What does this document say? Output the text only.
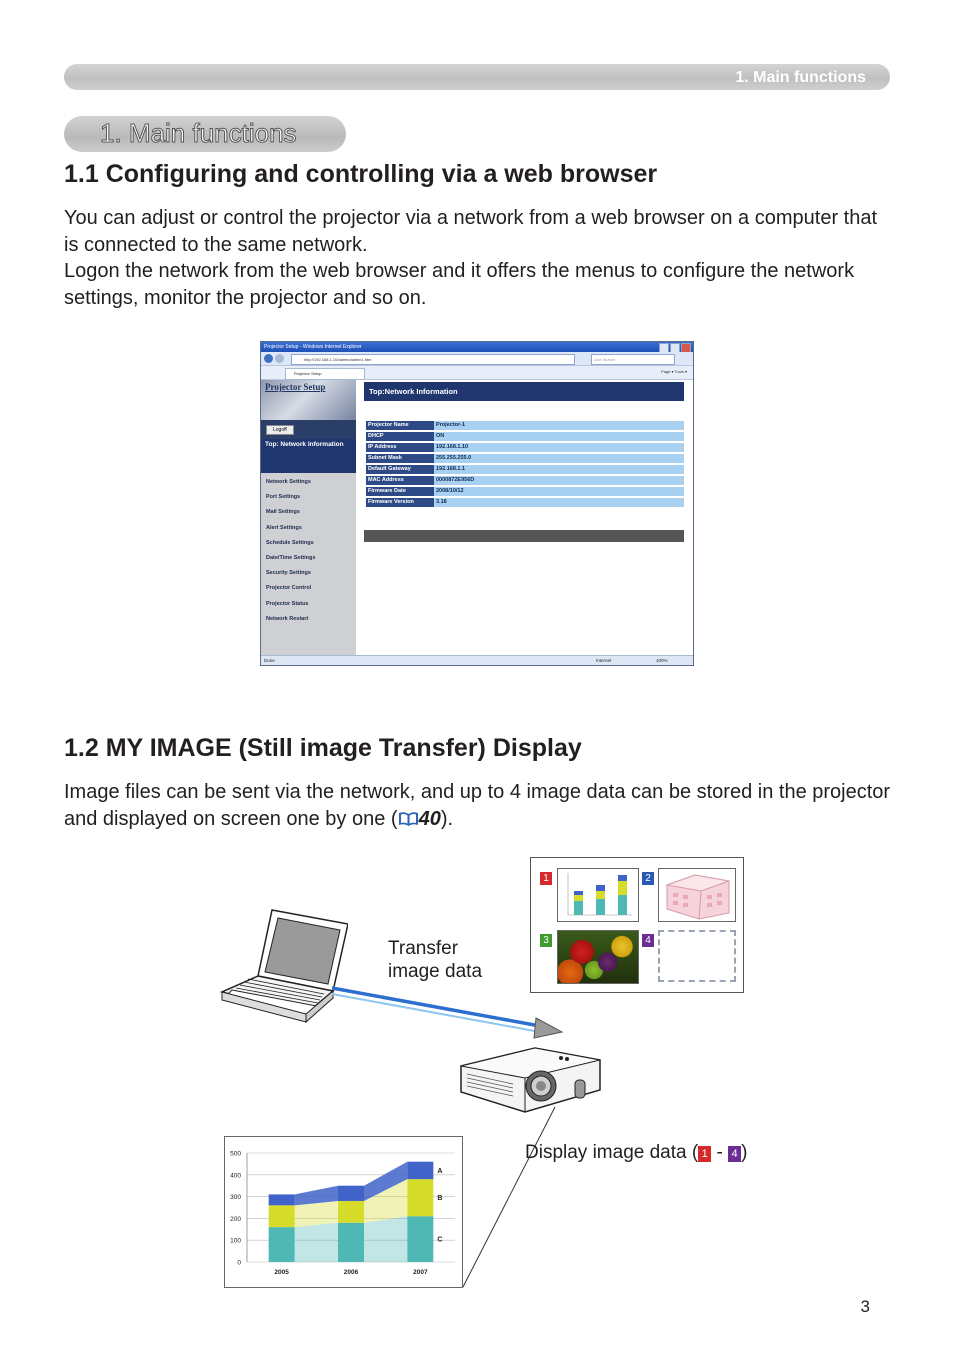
1. Main functions
1. Main functions
1.1 Configuring and controlling via a web browser

You can adjust or control the projector via a network from a web browser on a computer that is connected to the same network.

Logon the network from the web browser and it offers the menus to configure the network settings, monitor the projector and so on.

Projector Setup - Windows Internet Explorer
http://192.168.1.10/admin/admin1.htm	Live Search
Projector Setup	Page ▾ Tools ▾
Projector Setup
Logoff
Top: Network Information
Network Settings
Port Settings
Mail Settings
Alert Settings
Schedule Settings
Date/Time Settings
Security Settings
Projector Control
Projector Status
Network Restart
Top:Network Information
Projector Name	Projector-1
DHCP	ON
IP Address	192.168.1.10
Subnet Mask	255.255.255.0
Default Gateway	192.168.1.1
MAC Address	0000872E956D
Firmware Date	2008/10/12
Firmware Version	3.18
Done	Internet	100%
1.2 MY IMAGE (Still image Transfer) Display

Image files can be sent via the network, and up to 4 image data can be stored in the projector and displayed on screen one by one ( 40).

Transfer
image data
1	2
3	4
Display image data ( 1 - 4 )
0
100
200
300
400
500
2005	2006	2007
C
B
A
3
